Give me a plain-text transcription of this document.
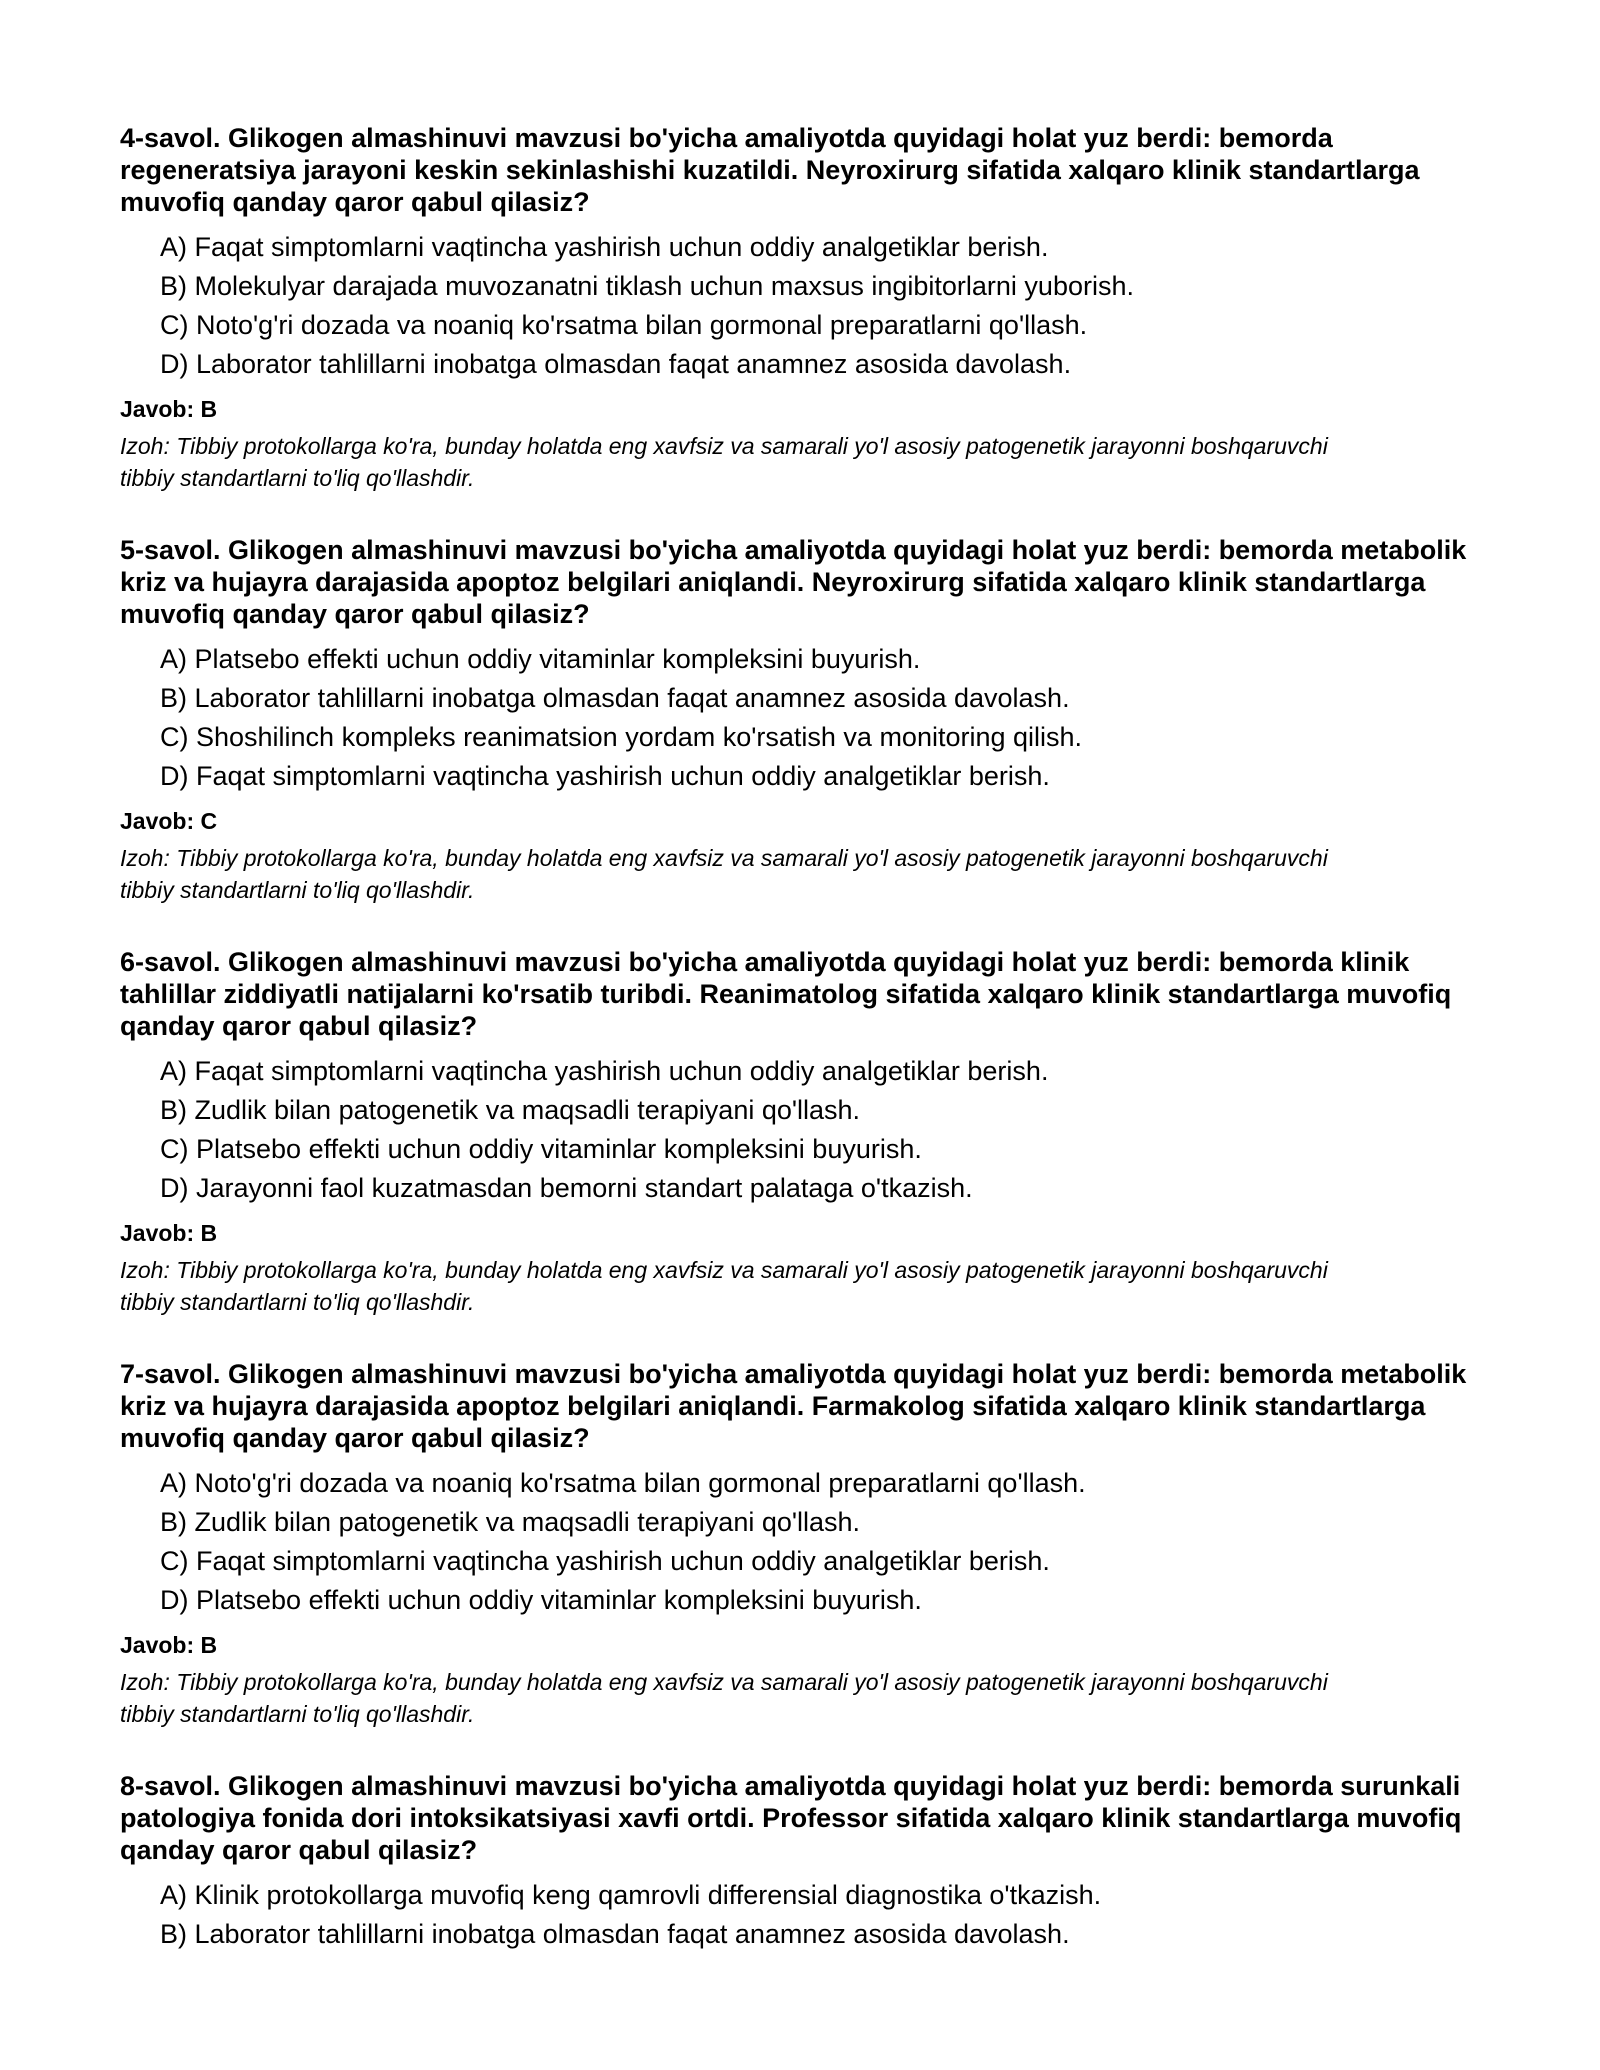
4-savol. Glikogen almashinuvi mavzusi bo'yicha amaliyotda quyidagi holat yuz berdi: bemorda regeneratsiya jarayoni keskin sekinlashishi kuzatildi. Neyroxirurg sifatida xalqaro klinik standartlarga muvofiq qanday qaror qabul qilasiz?
A) Faqat simptomlarni vaqtincha yashirish uchun oddiy analgetiklar berish.
B) Molekulyar darajada muvozanatni tiklash uchun maxsus ingibitorlarni yuborish.
C) Noto'g'ri dozada va noaniq ko'rsatma bilan gormonal preparatlarni qo'llash.
D) Laborator tahlillarni inobatga olmasdan faqat anamnez asosida davolash.
Javob: B
Izoh: Tibbiy protokollarga ko'ra, bunday holatda eng xavfsiz va samarali yo'l asosiy patogenetik jarayonni boshqaruvchi tibbiy standartlarni to'liq qo'llashdir.
5-savol. Glikogen almashinuvi mavzusi bo'yicha amaliyotda quyidagi holat yuz berdi: bemorda metabolik kriz va hujayra darajasida apoptoz belgilari aniqlandi. Neyroxirurg sifatida xalqaro klinik standartlarga muvofiq qanday qaror qabul qilasiz?
A) Platsebo effekti uchun oddiy vitaminlar kompleksini buyurish.
B) Laborator tahlillarni inobatga olmasdan faqat anamnez asosida davolash.
C) Shoshilinch kompleks reanimatsion yordam ko'rsatish va monitoring qilish.
D) Faqat simptomlarni vaqtincha yashirish uchun oddiy analgetiklar berish.
Javob: C
Izoh: Tibbiy protokollarga ko'ra, bunday holatda eng xavfsiz va samarali yo'l asosiy patogenetik jarayonni boshqaruvchi tibbiy standartlarni to'liq qo'llashdir.
6-savol. Glikogen almashinuvi mavzusi bo'yicha amaliyotda quyidagi holat yuz berdi: bemorda klinik tahlillar ziddiyatli natijalarni ko'rsatib turibdi. Reanimatolog sifatida xalqaro klinik standartlarga muvofiq qanday qaror qabul qilasiz?
A) Faqat simptomlarni vaqtincha yashirish uchun oddiy analgetiklar berish.
B) Zudlik bilan patogenetik va maqsadli terapiyani qo'llash.
C) Platsebo effekti uchun oddiy vitaminlar kompleksini buyurish.
D) Jarayonni faol kuzatmasdan bemorni standart palataga o'tkazish.
Javob: B
Izoh: Tibbiy protokollarga ko'ra, bunday holatda eng xavfsiz va samarali yo'l asosiy patogenetik jarayonni boshqaruvchi tibbiy standartlarni to'liq qo'llashdir.
7-savol. Glikogen almashinuvi mavzusi bo'yicha amaliyotda quyidagi holat yuz berdi: bemorda metabolik kriz va hujayra darajasida apoptoz belgilari aniqlandi. Farmakolog sifatida xalqaro klinik standartlarga muvofiq qanday qaror qabul qilasiz?
A) Noto'g'ri dozada va noaniq ko'rsatma bilan gormonal preparatlarni qo'llash.
B) Zudlik bilan patogenetik va maqsadli terapiyani qo'llash.
C) Faqat simptomlarni vaqtincha yashirish uchun oddiy analgetiklar berish.
D) Platsebo effekti uchun oddiy vitaminlar kompleksini buyurish.
Javob: B
Izoh: Tibbiy protokollarga ko'ra, bunday holatda eng xavfsiz va samarali yo'l asosiy patogenetik jarayonni boshqaruvchi tibbiy standartlarni to'liq qo'llashdir.
8-savol. Glikogen almashinuvi mavzusi bo'yicha amaliyotda quyidagi holat yuz berdi: bemorda surunkali patologiya fonida dori intoksikatsiyasi xavfi ortdi. Professor sifatida xalqaro klinik standartlarga muvofiq qanday qaror qabul qilasiz?
A) Klinik protokollarga muvofiq keng qamrovli differensial diagnostika o'tkazish.
B) Laborator tahlillarni inobatga olmasdan faqat anamnez asosida davolash.
